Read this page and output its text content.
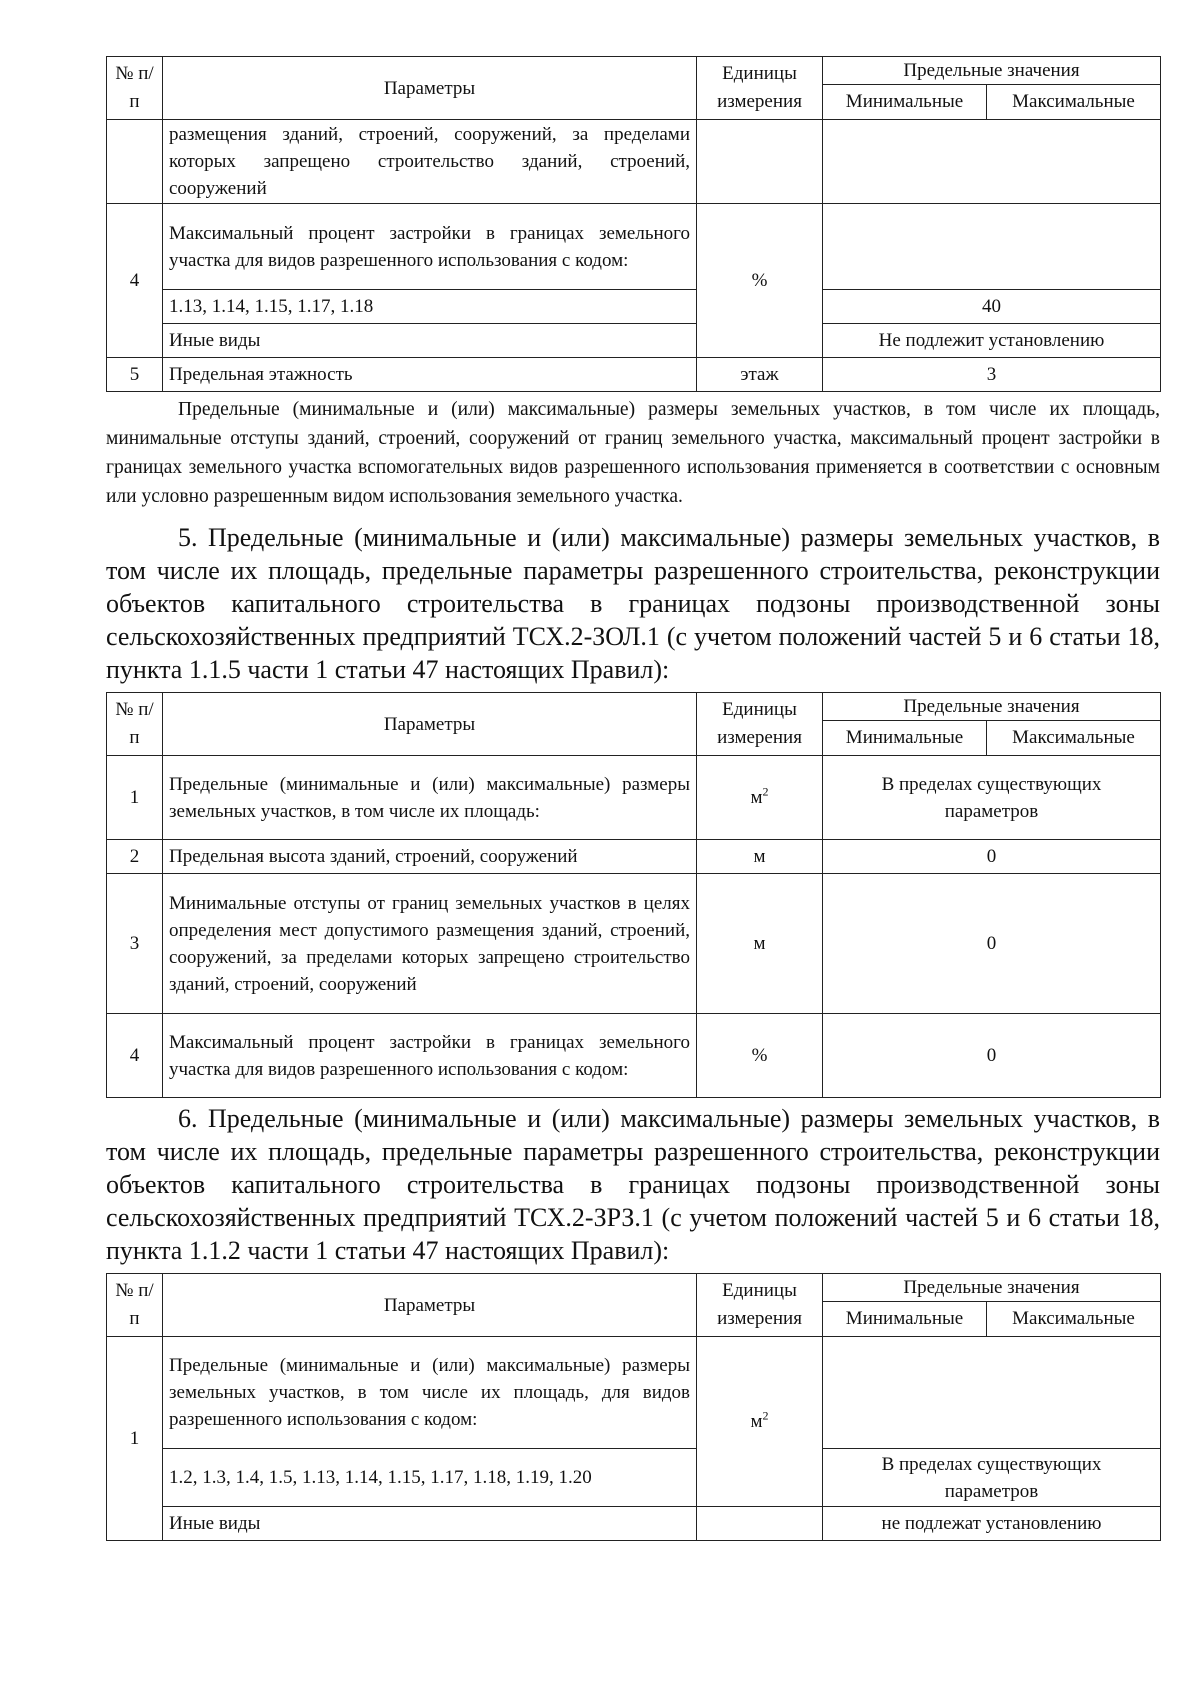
№ п/п	Параметры	Единицы измерения	Предельные значения	
			Минимальные	Максимальные
	размещения зданий, строений, сооружений, за пределами которых запрещено строительство зданий, строений, сооружений			
4	Максимальный процент застройки в границах земельного участка для видов разрешенного использования с кодом:	%		
	1.13, 1.14, 1.15, 1.17, 1.18		40	
	Иные виды		Не подлежит установлению	
5	Предельная этажность	этаж	3	

Предельные (минимальные и (или) максимальные) размеры земельных участков, в том числе их площадь, минимальные отступы зданий, строений, сооружений от границ земельного участка, максимальный процент застройки в границах земельного участка вспомогательных видов разрешенного использования применяется в соответствии с основным или условно разрешенным видом использования земельного участка.

5. Предельные (минимальные и (или) максимальные) размеры земельных участков, в том числе их площадь, предельные параметры разрешенного строительства, реконструкции объектов капитального строительства в границах подзоны производственной зоны сельскохозяйственных предприятий ТСХ.2-ЗОЛ.1 (с учетом положений частей 5 и 6 статьи 18, пункта 1.1.5 части 1 статьи 47 настоящих Правил):

№ п/п	Параметры	Единицы измерения	Предельные значения	
			Минимальные	Максимальные
1	Предельные (минимальные и (или) максимальные) размеры земельных участков, в том числе их площадь:	$м^2$	В пределах существующих параметров	
2	Предельная высота зданий, строений, сооружений	м	0	
3	Минимальные отступы от границ земельных участков в целях определения мест допустимого размещения зданий, строений, сооружений, за пределами которых запрещено строительство зданий, строений, сооружений	м	0	
4	Максимальный процент застройки в границах земельного участка для видов разрешенного использования с кодом:	%	0	

6. Предельные (минимальные и (или) максимальные) размеры земельных участков, в том числе их площадь, предельные параметры разрешенного строительства, реконструкции объектов капитального строительства в границах подзоны производственной зоны сельскохозяйственных предприятий ТСХ.2-ЗРЗ.1 (с учетом положений частей 5 и 6 статьи 18, пункта 1.1.2 части 1 статьи 47 настоящих Правил):

№ п/п	Параметры	Единицы измерения	Предельные значения	
			Минимальные	Максимальные
1	Предельные (минимальные и (или) максимальные) размеры земельных участков, в том числе их площадь, для видов разрешенного использования с кодом:	$м^2$	
	1.2, 1.3, 1.4, 1.5, 1.13, 1.14, 1.15, 1.17, 1.18, 1.19, 1.20		В пределах существующих параметров	
	Иные виды		не подлежат установлению	
